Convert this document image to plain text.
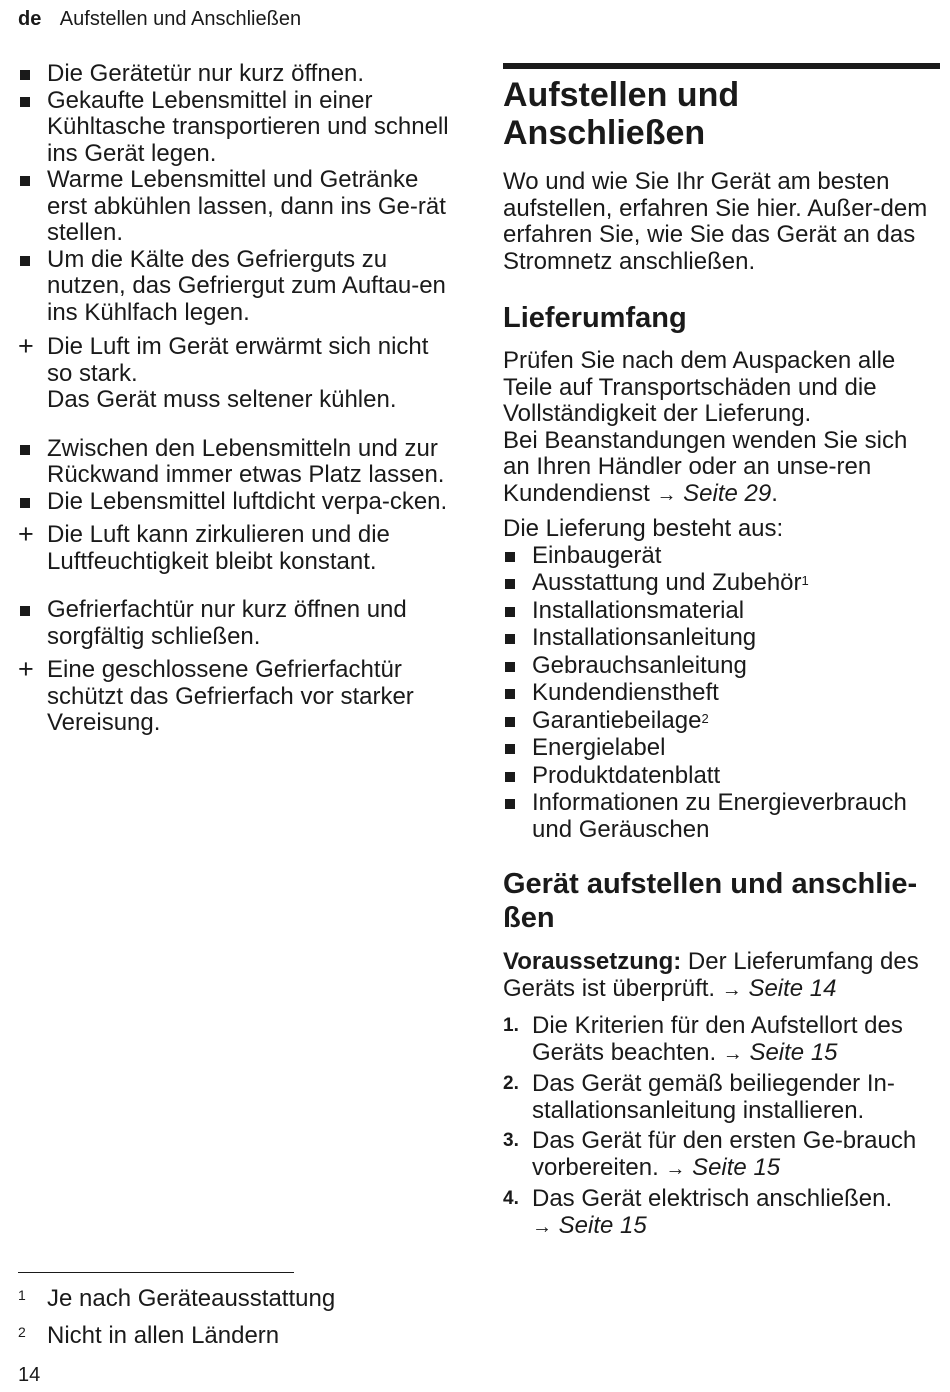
de Aufstellen und Anschließen
Die Gerätetür nur kurz öffnen.
Gekaufte Lebensmittel in einer Kühltasche transportieren und schnell ins Gerät legen.
Warme Lebensmittel und Getränke erst abkühlen lassen, dann ins Ge-rät stellen.
Um die Kälte des Gefrierguts zu nutzen, das Gefriergut zum Auftau-en ins Kühlfach legen.
+ Die Luft im Gerät erwärmt sich nicht so stark.
Das Gerät muss seltener kühlen.
Zwischen den Lebensmitteln und zur Rückwand immer etwas Platz lassen.
Die Lebensmittel luftdicht verpa-cken.
+ Die Luft kann zirkulieren und die Luftfeuchtigkeit bleibt konstant.
Gefrierfachtür nur kurz öffnen und sorgfältig schließen.
+ Eine geschlossene Gefrierfachtür schützt das Gefrierfach vor starker Vereisung.
Aufstellen und
Anschließen

Wo und wie Sie Ihr Gerät am besten aufstellen, erfahren Sie hier. Außer-dem erfahren Sie, wie Sie das Gerät an das Stromnetz anschließen.

Lieferumfang

Prüfen Sie nach dem Auspacken alle Teile auf Transportschäden und die Vollständigkeit der Lieferung.

Bei Beanstandungen wenden Sie sich an Ihren Händler oder an unse-ren Kundendienst → Seite 29.

Die Lieferung besteht aus:

Einbaugerät
Ausstattung und Zubehör$^1$
Installationsmaterial
Installationsanleitung
Gebrauchsanleitung
Kundendienstheft
Garantiebeilage$^2$
Energielabel
Produktdatenblatt
Informationen zu Energieverbrauch und Geräuschen
Gerät aufstellen und anschlie-ßen

Voraussetzung: Der Lieferumfang des Geräts ist überprüft. → Seite 14

1. Die Kriterien für den Aufstellort des Geräts beachten. → Seite 15
2. Das Gerät gemäß beiliegender In-stallationsanleitung installieren.
3. Das Gerät für den ersten Ge-brauch vorbereiten. → Seite 15
4. Das Gerät elektrisch anschließen.
→ Seite 15
1 Je nach Geräteausstattung
2 Nicht in allen Ländern
14
